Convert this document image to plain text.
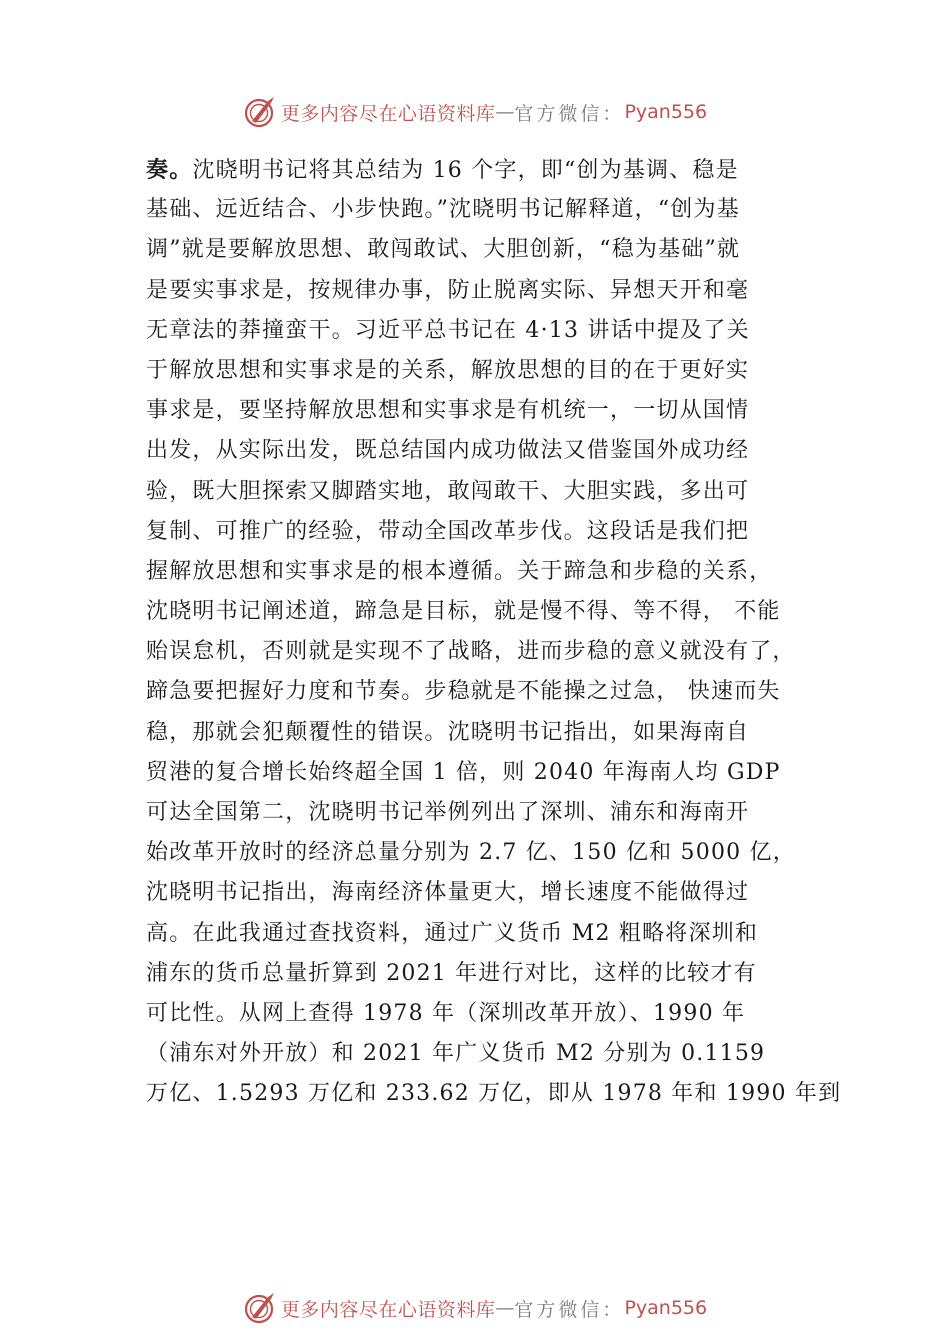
更多内容尽在心语资料库 — 官方微信： Pyan556
奏。沈晓明书记将其总结为 16 个字，即“创为基调、稳是
基础、远近结合、小步快跑。”沈晓明书记解释道，“创为基
调”就是要解放思想、敢闯敢试、大胆创新，“稳为基础”就
是要实事求是，按规律办事，防止脱离实际、异想天开和毫
无章法的莽撞蛮干。习近平总书记在 4·13 讲话中提及了关
于解放思想和实事求是的关系，解放思想的目的在于更好实
事求是，要坚持解放思想和实事求是有机统一，一切从国情
出发，从实际出发，既总结国内成功做法又借鉴国外成功经
验，既大胆探索又脚踏实地，敢闯敢干、大胆实践，多出可
复制、可推广的经验，带动全国改革步伐。这段话是我们把
握解放思想和实事求是的根本遵循。关于蹄急和步稳的关系，
沈晓明书记阐述道，蹄急是目标，就是慢不得、等不得， 不能
贻误怠机，否则就是实现不了战略，进而步稳的意义就没有了，
蹄急要把握好力度和节奏。步稳就是不能操之过急， 快速而失
稳，那就会犯颠覆性的错误。沈晓明书记指出，如果海南自
贸港的复合增长始终超全国 1 倍，则 2040 年海南人均 GDP
可达全国第二，沈晓明书记举例列出了深圳、浦东和海南开
始改革开放时的经济总量分别为 2.7 亿、150 亿和 5000 亿，
沈晓明书记指出，海南经济体量更大，增长速度不能做得过
高。在此我通过查找资料，通过广义货币 M2 粗略将深圳和
浦东的货币总量折算到 2021 年进行对比，这样的比较才有
可比性。从网上查得 1978 年（深圳改革开放）、1990 年
（浦东对外开放）和 2021 年广义货币 M2 分别为 0.1159
万亿、1.5293 万亿和 233.62 万亿，即从 1978 年和 1990 年到
更多内容尽在心语资料库 — 官方微信： Pyan556
